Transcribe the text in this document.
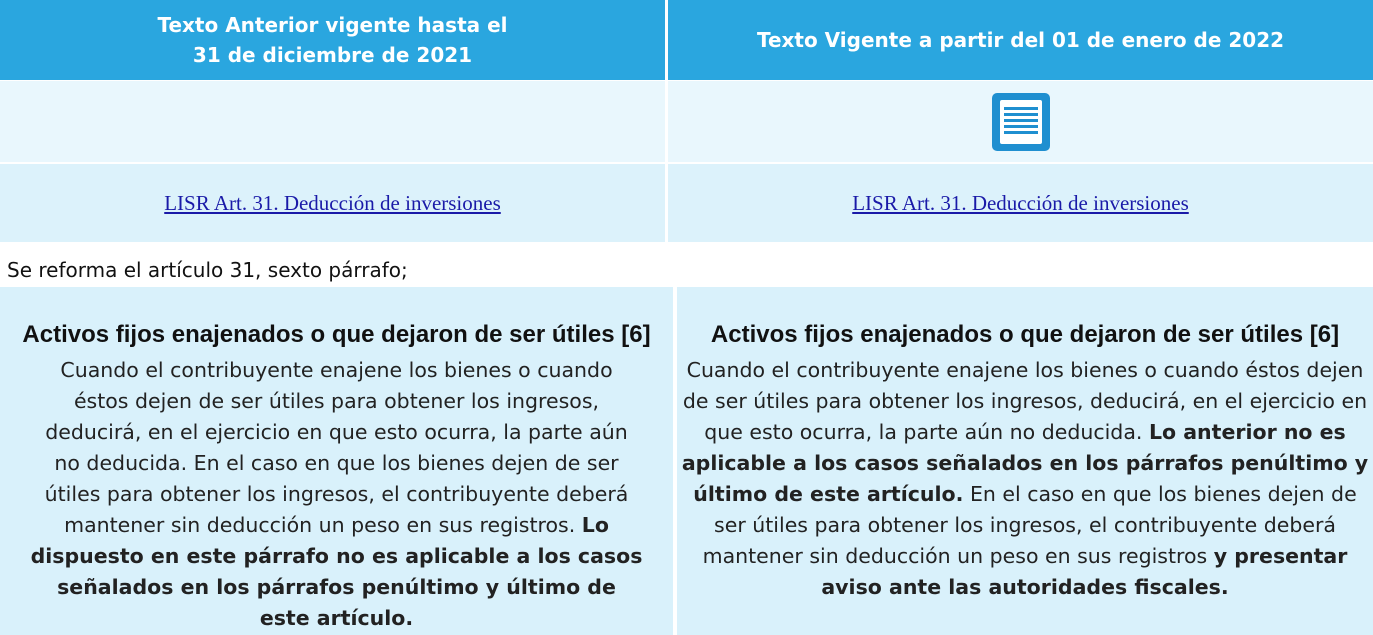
Texto Anterior vigente hasta el
31 de diciembre de 2021
Texto Vigente a partir del 01 de enero de 2022
LISR Art. 31. Deducción de inversiones	LISR Art. 31. Deducción de inversiones
Se reforma el artículo 31, sexto párrafo;
Activos fijos enajenados o que dejaron de ser útiles [6]
Cuando el contribuyente enajene los bienes o cuando éstos dejen de ser útiles para obtener los ingresos, deducirá, en el ejercicio en que esto ocurra, la parte aún no deducida. En el caso en que los bienes dejen de ser útiles para obtener los ingresos, el contribuyente deberá mantener sin deducción un peso en sus registros. Lo dispuesto en este párrafo no es aplicable a los casos señalados en los párrafos penúltimo y último de este artículo.
Activos fijos enajenados o que dejaron de ser útiles [6]
Cuando el contribuyente enajene los bienes o cuando éstos dejen de ser útiles para obtener los ingresos, deducirá, en el ejercicio en que esto ocurra, la parte aún no deducida. Lo anterior no es aplicable a los casos señalados en los párrafos penúltimo y último de este artículo. En el caso en que los bienes dejen de ser útiles para obtener los ingresos, el contribuyente deberá mantener sin deducción un peso en sus registros y presentar aviso ante las autoridades fiscales.
